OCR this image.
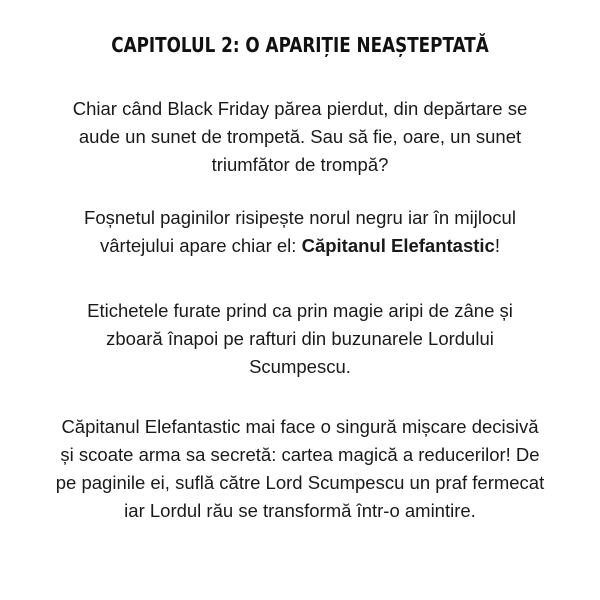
CAPITOLUL 2: O APARIȚIE NEAȘTEPTATĂ

Chiar când Black Friday părea pierdut, din depărtare se
aude un sunet de trompetă. Sau să fie, oare, un sunet
triumfător de trompă?

Foșnetul paginilor risipește norul negru iar în mijlocul
vârtejului apare chiar el: Căpitanul Elefantastic!

Etichetele furate prind ca prin magie aripi de zâne și
zboară înapoi pe rafturi din buzunarele Lordului
Scumpescu.

Căpitanul Elefantastic mai face o singură mișcare decisivă
și scoate arma sa secretă: cartea magică a reducerilor! De
pe paginile ei, suflă către Lord Scumpescu un praf fermecat
iar Lordul rău se transformă într-o amintire.
